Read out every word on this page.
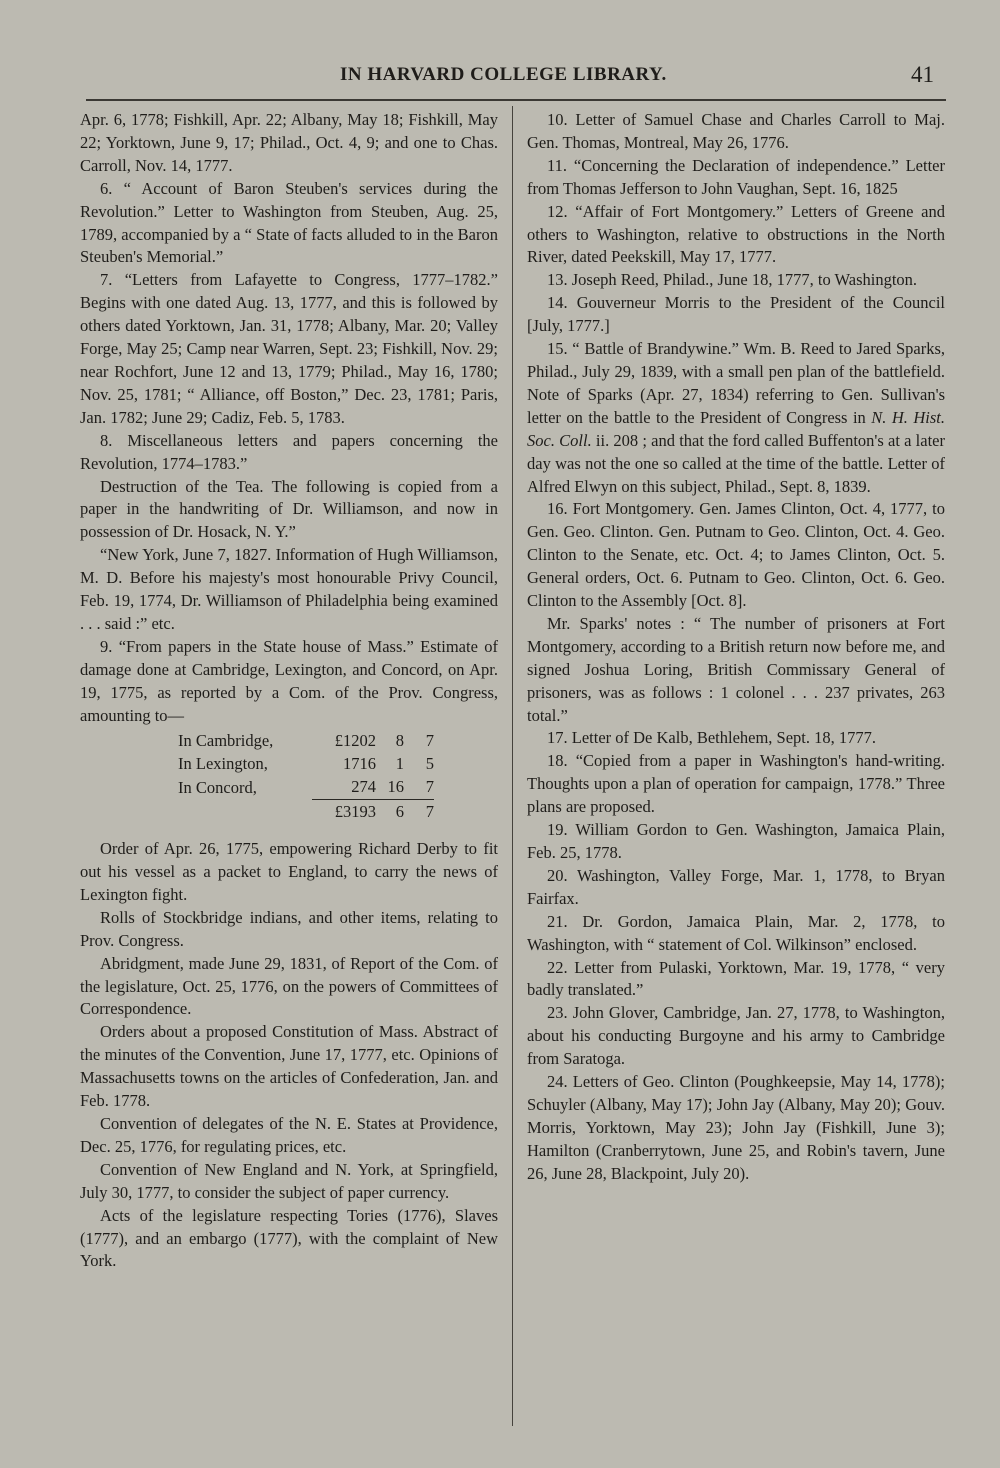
IN HARVARD COLLEGE LIBRARY.	41

Apr. 6, 1778; Fishkill, Apr. 22; Albany, May 18; Fishkill, May 22; Yorktown, June 9, 17; Philad., Oct. 4, 9; and one to Chas. Carroll, Nov. 14, 1777.

6. “ Account of Baron Steuben's services during the Revolution.” Letter to Washington from Steuben, Aug. 25, 1789, accompanied by a “ State of facts alluded to in the Baron Steuben's Memorial.”

7. “Letters from Lafayette to Congress, 1777–1782.” Begins with one dated Aug. 13, 1777, and this is followed by others dated Yorktown, Jan. 31, 1778; Albany, Mar. 20; Valley Forge, May 25; Camp near Warren, Sept. 23; Fishkill, Nov. 29; near Rochfort, June 12 and 13, 1779; Philad., May 16, 1780; Nov. 25, 1781; “ Alliance, off Boston,” Dec. 23, 1781; Paris, Jan. 1782; June 29; Cadiz, Feb. 5, 1783.

8. Miscellaneous letters and papers concerning the Revolution, 1774–1783.”

Destruction of the Tea. The following is copied from a paper in the handwriting of Dr. Williamson, and now in possession of Dr. Hosack, N. Y.”

“New York, June 7, 1827. Information of Hugh Williamson, M. D. Before his majesty's most honourable Privy Council, Feb. 19, 1774, Dr. Williamson of Philadelphia being examined . . . said :” etc.

9. “From papers in the State house of Mass.” Estimate of damage done at Cambridge, Lexington, and Concord, on Apr. 19, 1775, as reported by a Com. of the Prov. Congress, amounting to—

In Cambridge,	£1202	8	7
In Lexington,	1716	1	5
In Concord,	274	16	7
	£3193	6	7

Order of Apr. 26, 1775, empowering Richard Derby to fit out his vessel as a packet to England, to carry the news of Lexington fight.

Rolls of Stockbridge indians, and other items, relating to Prov. Congress.

Abridgment, made June 29, 1831, of Report of the Com. of the legislature, Oct. 25, 1776, on the powers of Committees of Correspondence.

Orders about a proposed Constitution of Mass. Abstract of the minutes of the Convention, June 17, 1777, etc. Opinions of Massachusetts towns on the articles of Confederation, Jan. and Feb. 1778.

Convention of delegates of the N. E. States at Providence, Dec. 25, 1776, for regulating prices, etc.

Convention of New England and N. York, at Springfield, July 30, 1777, to consider the subject of paper currency.

Acts of the legislature respecting Tories (1776), Slaves (1777), and an embargo (1777), with the complaint of New York.

10. Letter of Samuel Chase and Charles Carroll to Maj. Gen. Thomas, Montreal, May 26, 1776.

11. “Concerning the Declaration of independence.” Letter from Thomas Jefferson to John Vaughan, Sept. 16, 1825

12. “Affair of Fort Montgomery.” Letters of Greene and others to Washington, relative to obstructions in the North River, dated Peekskill, May 17, 1777.

13. Joseph Reed, Philad., June 18, 1777, to Washington.

14. Gouverneur Morris to the President of the Council [July, 1777.]

15. “ Battle of Brandywine.” Wm. B. Reed to Jared Sparks, Philad., July 29, 1839, with a small pen plan of the battlefield. Note of Sparks (Apr. 27, 1834) referring to Gen. Sullivan's letter on the battle to the President of Congress in N. H. Hist. Soc. Coll. ii. 208 ; and that the ford called Buffenton's at a later day was not the one so called at the time of the battle. Letter of Alfred Elwyn on this subject, Philad., Sept. 8, 1839.

16. Fort Montgomery. Gen. James Clinton, Oct. 4, 1777, to Gen. Geo. Clinton. Gen. Putnam to Geo. Clinton, Oct. 4. Geo. Clinton to the Senate, etc. Oct. 4; to James Clinton, Oct. 5. General orders, Oct. 6. Putnam to Geo. Clinton, Oct. 6. Geo. Clinton to the Assembly [Oct. 8].

Mr. Sparks' notes : “ The number of prisoners at Fort Montgomery, according to a British return now before me, and signed Joshua Loring, British Commissary General of prisoners, was as follows : 1 colonel . . . 237 privates, 263 total.”

17. Letter of De Kalb, Bethlehem, Sept. 18, 1777.

18. “Copied from a paper in Washington's hand-writing. Thoughts upon a plan of operation for campaign, 1778.” Three plans are proposed.

19. William Gordon to Gen. Washington, Jamaica Plain, Feb. 25, 1778.

20. Washington, Valley Forge, Mar. 1, 1778, to Bryan Fairfax.

21. Dr. Gordon, Jamaica Plain, Mar. 2, 1778, to Washington, with “ statement of Col. Wilkinson” enclosed.

22. Letter from Pulaski, Yorktown, Mar. 19, 1778, “ very badly translated.”

23. John Glover, Cambridge, Jan. 27, 1778, to Washington, about his conducting Burgoyne and his army to Cambridge from Saratoga.

24. Letters of Geo. Clinton (Poughkeepsie, May 14, 1778); Schuyler (Albany, May 17); John Jay (Albany, May 20); Gouv. Morris, Yorktown, May 23); John Jay (Fishkill, June 3); Hamilton (Cranberrytown, June 25, and Robin's tavern, June 26, June 28, Blackpoint, July 20).
